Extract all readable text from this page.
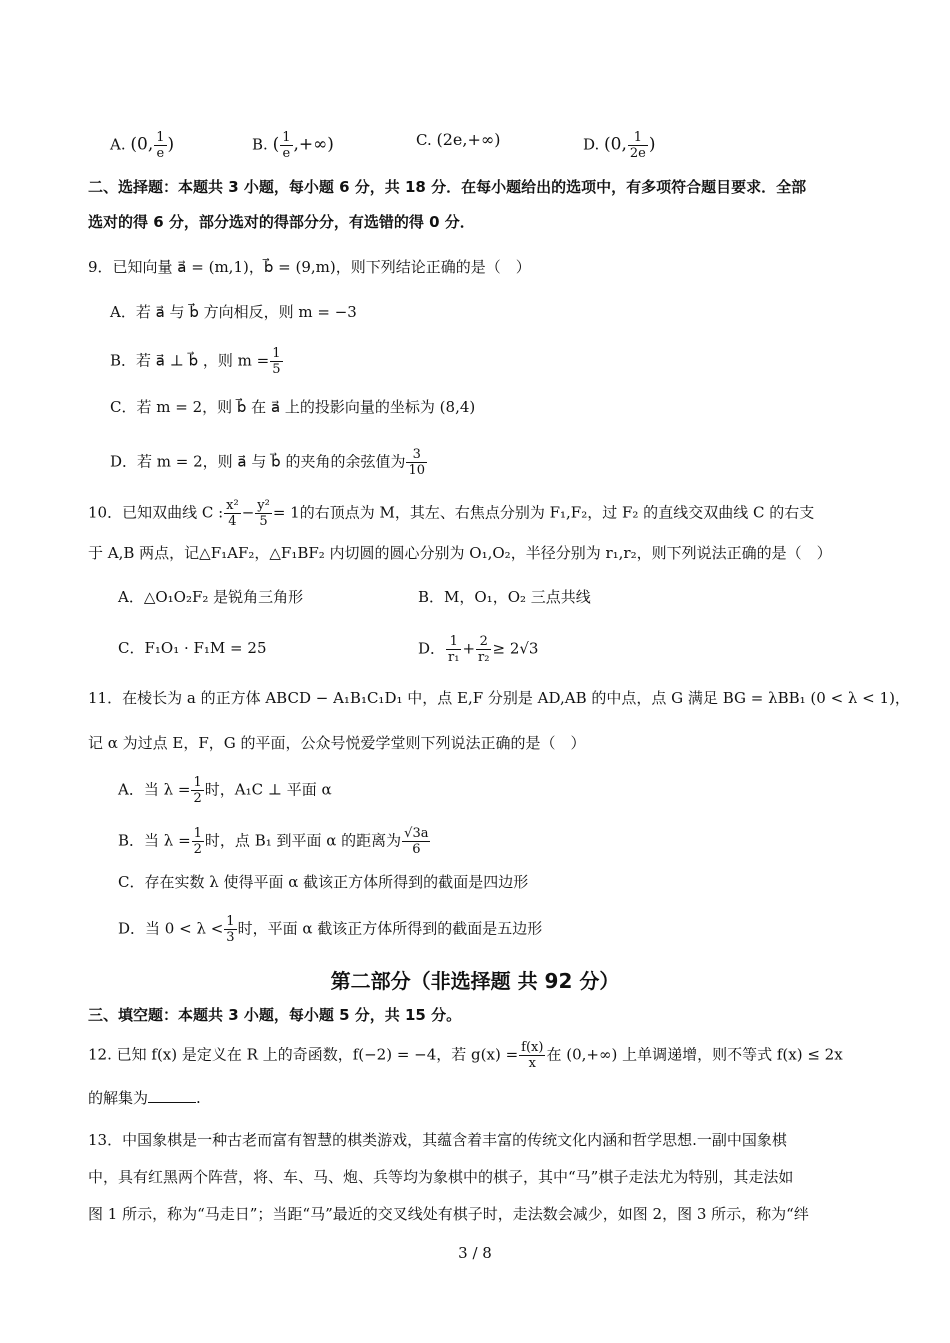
A. (0, $\frac{1}{e}$ )	B. ( $\frac{1}{e}$ ,+∞)	C. (2e,+∞)	D. (0, $\frac{1}{2e}$ )
二、选择题：本题共 3 小题，每小题 6 分，共 18 分．在每小题给出的选项中，有多项符合题目要求．全部
选对的得 6 分，部分选对的得部分分，有选错的得 0 分．
9．已知向量 a⃗ = (m,1)，b⃗ = (9,m)，则下列结论正确的是（　）
A．若 a⃗ 与 b⃗ 方向相反，则 m = −3
B．若 a⃗ ⊥ b⃗ ，则 $m = \frac{1}{5}$
C．若 m = 2，则 b⃗ 在 a⃗ 上的投影向量的坐标为 (8,4)
D．若 m = 2，则 a⃗ 与 b⃗ 的夹角的余弦值为 $\frac{3}{10}$
10．已知双曲线 C : $\frac{\text{x²}}{4} - \frac{\text{y²}}{5} = 1$的右顶点为 M，其左、右焦点分别为 F₁,F₂，过 F₂ 的直线交双曲线 C 的右支
于 A,B 两点，记△F₁AF₂，△F₁BF₂ 内切圆的圆心分别为 O₁,O₂，半径分别为 r₁,r₂，则下列说法正确的是（　）
A．△O₁O₂F₂ 是锐角三角形	B．M，O₁，O₂ 三点共线
C．F₁O₁ · F₁M = 25	D． $\frac{1}{\text{r₁}} + \frac{2}{\text{r₂}} \ge 2√3$
11．在棱长为 a 的正方体 ABCD − A₁B₁C₁D₁ 中，点 E,F 分别是 AD,AB 的中点，点 G 满足 BG = λBB₁ (0 < λ < 1)，
记 α 为过点 E，F，G 的平面，公众号悦爱学堂则下列说法正确的是（　）
A．当 $\lambda = \frac{1}{2}$ 时，A₁C ⊥ 平面 α
B．当 $\lambda = \frac{1}{2}$ 时，点 B₁ 到平面 α 的距离为 $\frac{√3a}{6}$
C．存在实数 λ 使得平面 α 截该正方体所得到的截面是四边形
D．当 $0 < \lambda < \frac{1}{3}$ 时，平面 α 截该正方体所得到的截面是五边形
第二部分（非选择题 共 92 分）
三、填空题：本题共 3 小题，每小题 5 分，共 15 分。
12. 已知 f(x) 是定义在 R 上的奇函数，f(−2) = −4，若 $g(x) = \frac{f(x)}{x}$ 在 (0,+∞) 上单调递增，则不等式 f(x) ≤ 2x
的解集为	.
13．中国象棋是一种古老而富有智慧的棋类游戏，其蕴含着丰富的传统文化内涵和哲学思想.一副中国象棋
中，具有红黑两个阵营，将、车、马、炮、兵等均为象棋中的棋子，其中“马”棋子走法尤为特别，其走法如
图 1 所示，称为“马走日”；当距“马”最近的交叉线处有棋子时，走法数会减少，如图 2，图 3 所示，称为“绊
3 / 8
